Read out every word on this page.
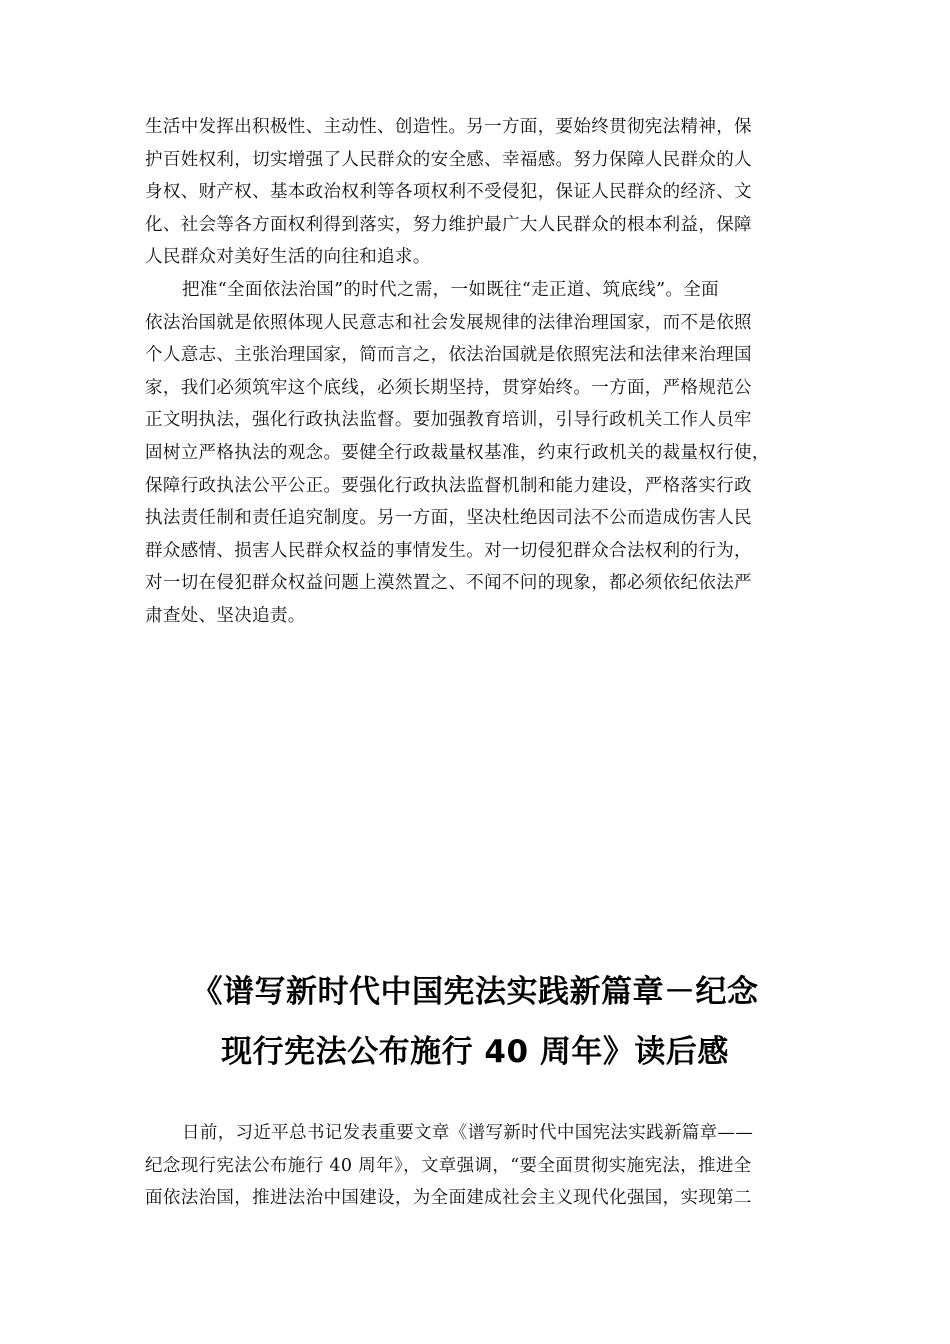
生活中发挥出积极性、主动性、创造性。另一方面，要始终贯彻宪法精神，保
护百姓权利，切实增强了人民群众的安全感、幸福感。努力保障人民群众的人
身权、财产权、基本政治权利等各项权利不受侵犯，保证人民群众的经济、文
化、社会等各方面权利得到落实，努力维护最广大人民群众的根本利益，保障
人民群众对美好生活的向往和追求。
把准“全面依法治国”的时代之需，一如既往“走正道、筑底线”。全面
依法治国就是依照体现人民意志和社会发展规律的法律治理国家，而不是依照
个人意志、主张治理国家，简而言之，依法治国就是依照宪法和法律来治理国
家，我们必须筑牢这个底线，必须长期坚持，贯穿始终。一方面，严格规范公
正文明执法，强化行政执法监督。要加强教育培训，引导行政机关工作人员牢
固树立严格执法的观念。要健全行政裁量权基准，约束行政机关的裁量权行使，
保障行政执法公平公正。要强化行政执法监督机制和能力建设，严格落实行政
执法责任制和责任追究制度。另一方面，坚决杜绝因司法不公而造成伤害人民
群众感情、损害人民群众权益的事情发生。对一切侵犯群众合法权利的行为，
对一切在侵犯群众权益问题上漠然置之、不闻不问的现象，都必须依纪依法严
肃查处、坚决追责。
《谱写新时代中国宪法实践新篇章－纪念
现行宪法公布施行 40 周年》读后感
日前，习近平总书记发表重要文章《谱写新时代中国宪法实践新篇章——
纪念现行宪法公布施行 40 周年》，文章强调，“要全面贯彻实施宪法，推进全
面依法治国，推进法治中国建设，为全面建成社会主义现代化强国，实现第二
